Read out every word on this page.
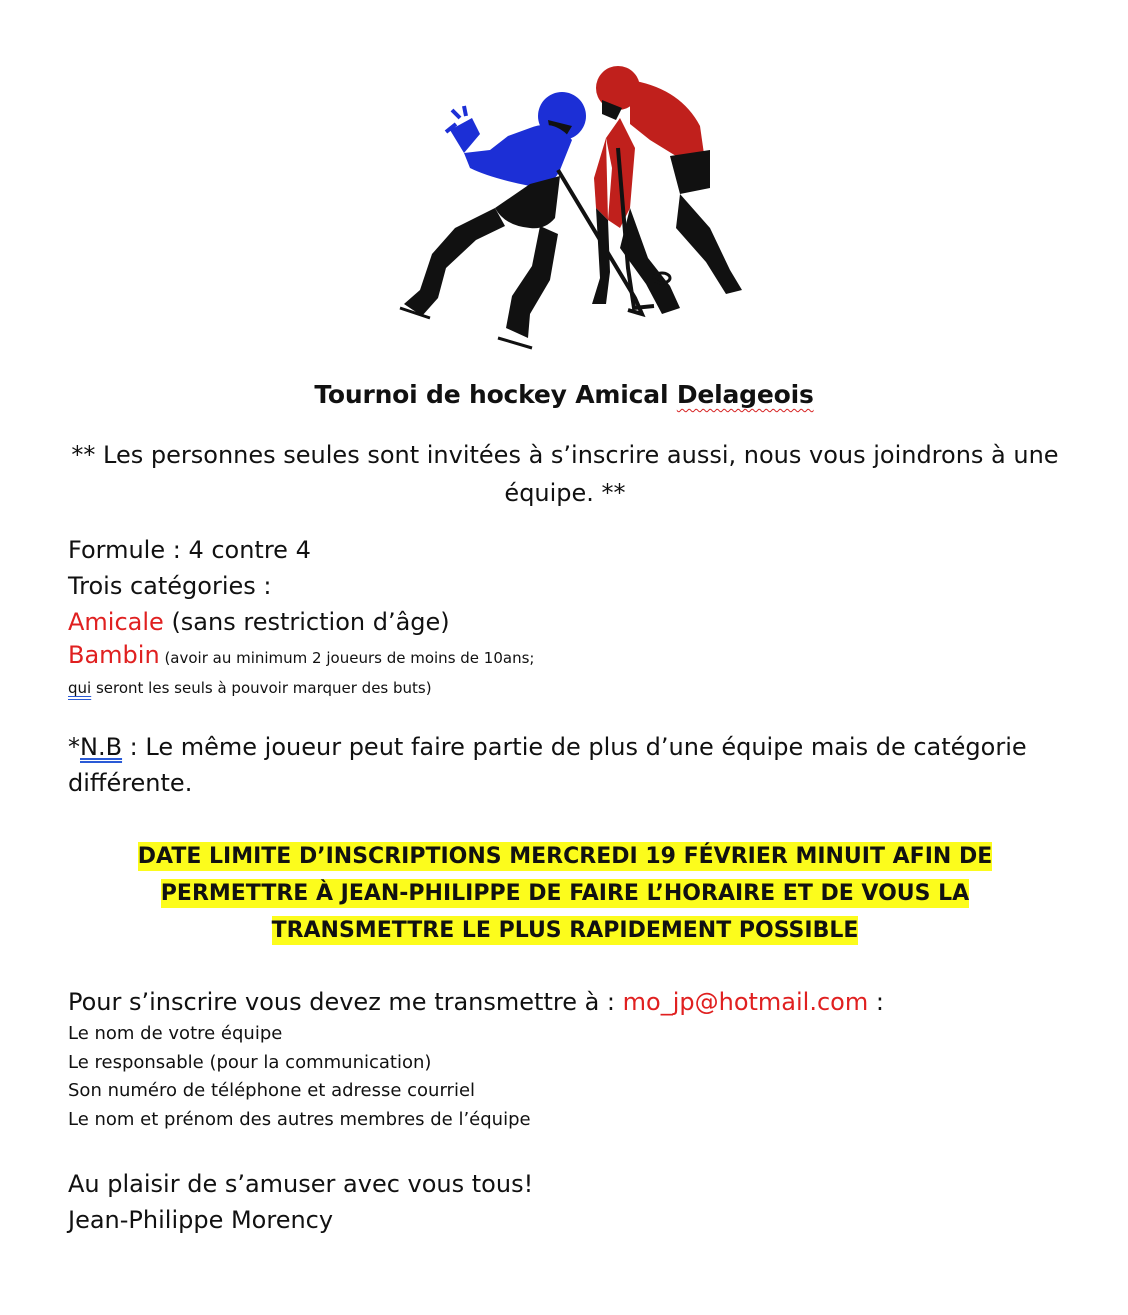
Tournoi de hockey Amical Delageois
** Les personnes seules sont invitées à s’inscrire aussi, nous vous joindrons à une équipe. **
Formule : 4 contre 4
Trois catégories :
Amicale (sans restriction d’âge)
Bambin (avoir au minimum 2 joueurs de moins de 10ans;
qui seront les seuls à pouvoir marquer des buts)
*N.B : Le même joueur peut faire partie de plus d’une équipe mais de catégorie différente.
DATE LIMITE D’INSCRIPTIONS MERCREDI 19 FÉVRIER MINUIT AFIN DE
PERMETTRE À JEAN-PHILIPPE DE FAIRE L’HORAIRE ET DE VOUS LA
TRANSMETTRE LE PLUS RAPIDEMENT POSSIBLE
Pour s’inscrire vous devez me transmettre à : mo_jp@hotmail.com :
Le nom de votre équipe
Le responsable (pour la communication)
Son numéro de téléphone et adresse courriel
Le nom et prénom des autres membres de l’équipe
Au plaisir de s’amuser avec vous tous!
Jean-Philippe Morency
